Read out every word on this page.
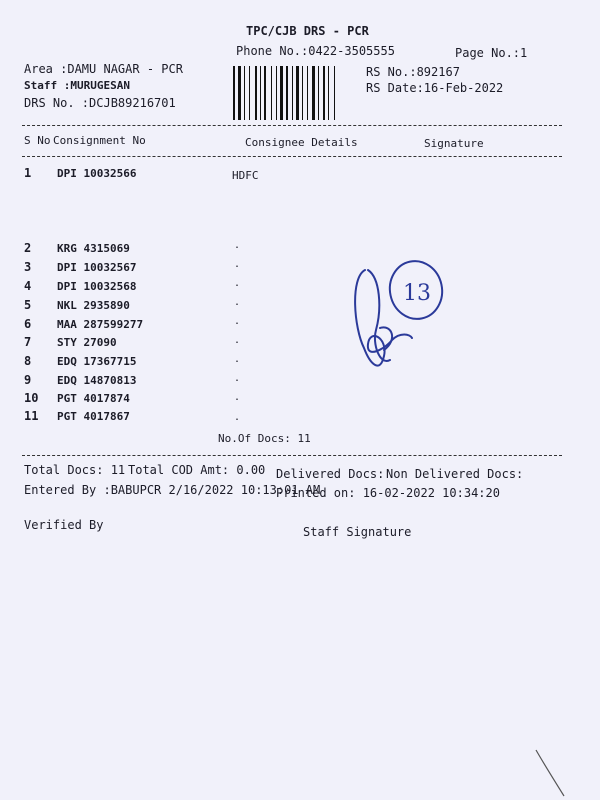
TPC/CJB DRS - PCR
Phone No.:0422-3505555	Page No.:1
Area :DAMU NAGAR - PCR
Staff :MURUGESAN
DRS No. :DCJB89216701
RS No.:892167
RS Date:16-Feb-2022
S No Consignment No	Consignee Details	Signature
1	DPI 10032566	HDFC
2	KRG 4315069	.
3	DPI 10032567	.
4	DPI 10032568	.
5	NKL 2935890	.
6	MAA 287599277	.
7	STY 27090	.
8	EDQ 17367715	.
9	EDQ 14870813	.
10	PGT 4017874	.
11	PGT 4017867	.
No.Of Docs: 11
13
Total Docs: 11 Total COD Amt: 0.00 Delivered Docs: Non Delivered Docs:
Entered By :BABUPCR 2/16/2022 10:13:01 AM
Printed on: 16-02-2022 10:34:20
Verified By	Staff Signature
